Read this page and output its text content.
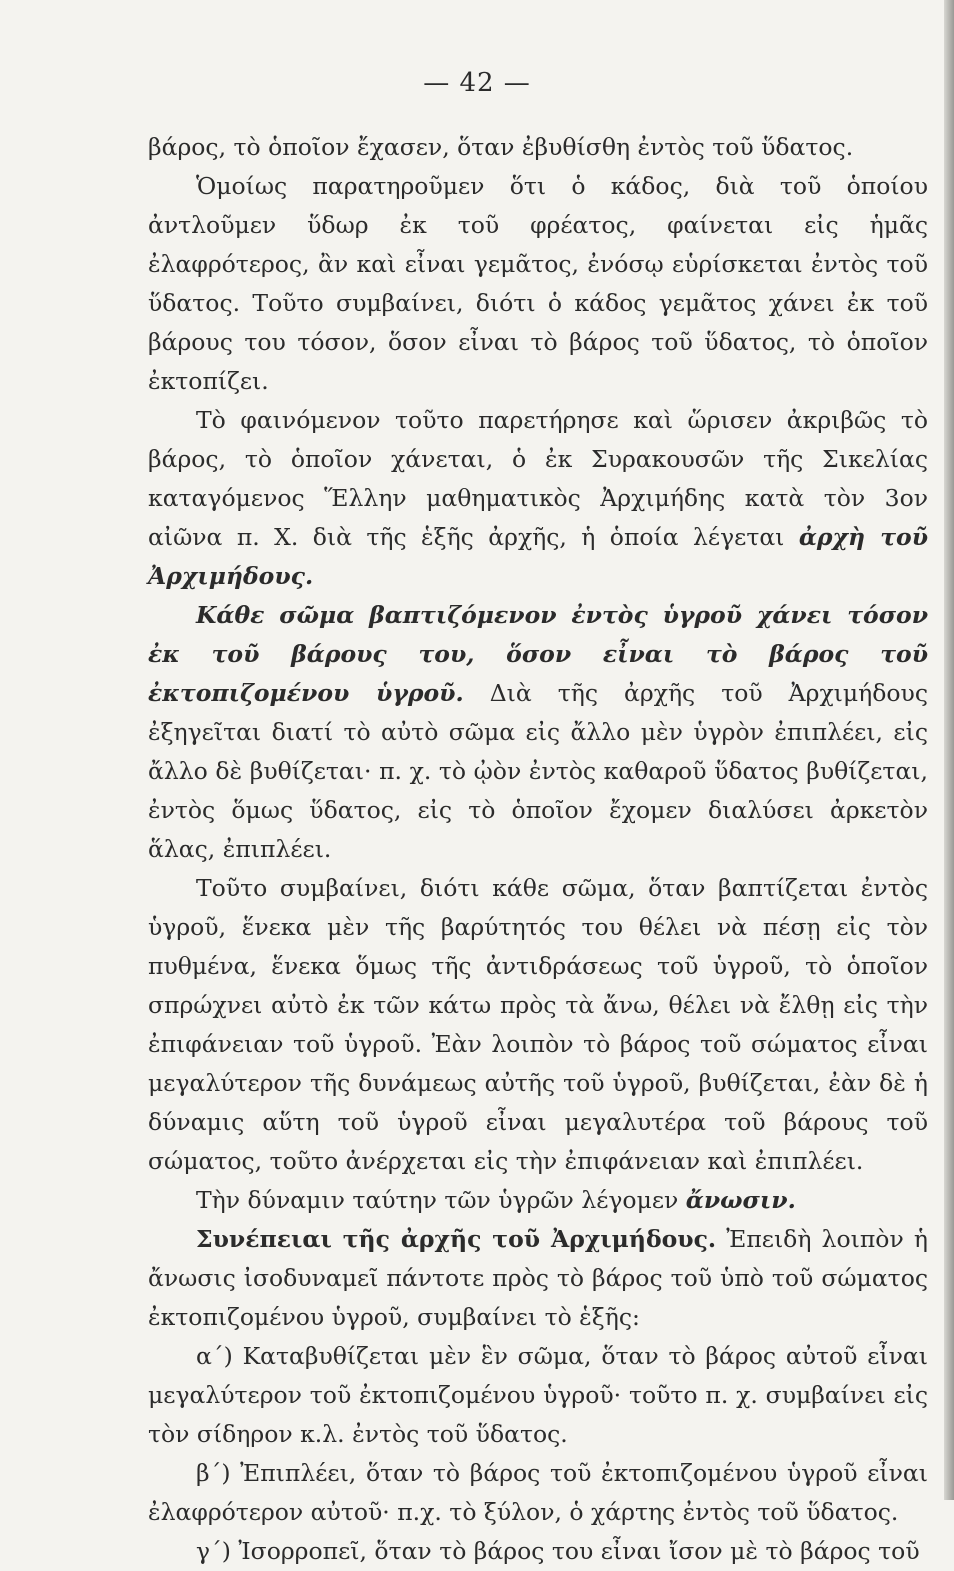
— 42 —

βάρος, τὸ ὁποῖον ἔχασεν, ὅταν ἐβυθίσθη ἐντὸς τοῦ ὕδατος.

Ὁμοίως παρατηροῦμεν ὅτι ὁ κάδος, διὰ τοῦ ὁποίου ἀντλοῦμεν ὕδωρ ἐκ τοῦ φρέατος, φαίνεται εἰς ἡμᾶς ἐλαφρότερος, ἂν καὶ εἶναι γεμᾶτος, ἐνόσῳ εὑρίσκεται ἐντὸς τοῦ ὕδατος. Τοῦτο συμβαίνει, διότι ὁ κάδος γεμᾶτος χάνει ἐκ τοῦ βάρους του τόσον, ὅσον εἶναι τὸ βάρος τοῦ ὕδατος, τὸ ὁποῖον ἐκτοπίζει.

Τὸ φαινόμενον τοῦτο παρετήρησε καὶ ὥρισεν ἀκριβῶς τὸ βάρος, τὸ ὁποῖον χάνεται, ὁ ἐκ Συρακουσῶν τῆς Σικελίας καταγόμενος Ἕλλην μαθηματικὸς Ἀρχιμήδης κατὰ τὸν 3ον αἰῶνα π. Χ. διὰ τῆς ἑξῆς ἀρχῆς, ἡ ὁποία λέγεται ἀρχὴ τοῦ Ἀρχιμήδους.

Κάθε σῶμα βαπτιζόμενον ἐντὸς ὑγροῦ χάνει τόσον ἐκ τοῦ βάρους του, ὅσον εἶναι τὸ βάρος τοῦ ἐκτοπιζομένου ὑγροῦ. Διὰ τῆς ἀρχῆς τοῦ Ἀρχιμήδους ἐξηγεῖται διατί τὸ αὐτὸ σῶμα εἰς ἄλλο μὲν ὑγρὸν ἐπιπλέει, εἰς ἄλλο δὲ βυθίζεται· π. χ. τὸ ᾠὸν ἐντὸς καθαροῦ ὕδατος βυθίζεται, ἐντὸς ὅμως ὕδατος, εἰς τὸ ὁποῖον ἔχομεν διαλύσει ἀρκετὸν ἅλας, ἐπιπλέει.

Τοῦτο συμβαίνει, διότι κάθε σῶμα, ὅταν βαπτίζεται ἐντὸς ὑγροῦ, ἕνεκα μὲν τῆς βαρύτητός του θέλει νὰ πέσῃ εἰς τὸν πυθμένα, ἕνεκα ὅμως τῆς ἀντιδράσεως τοῦ ὑγροῦ, τὸ ὁποῖον σπρώχνει αὐτὸ ἐκ τῶν κάτω πρὸς τὰ ἄνω, θέλει νὰ ἔλθῃ εἰς τὴν ἐπιφάνειαν τοῦ ὑγροῦ. Ἐὰν λοιπὸν τὸ βάρος τοῦ σώματος εἶναι μεγαλύτερον τῆς δυνάμεως αὐτῆς τοῦ ὑγροῦ, βυθίζεται, ἐὰν δὲ ἡ δύναμις αὕτη τοῦ ὑγροῦ εἶναι μεγαλυτέρα τοῦ βάρους τοῦ σώματος, τοῦτο ἀνέρχεται εἰς τὴν ἐπιφάνειαν καὶ ἐπιπλέει.

Τὴν δύναμιν ταύτην τῶν ὑγρῶν λέγομεν ἄνωσιν.

Συνέπειαι τῆς ἀρχῆς τοῦ Ἀρχιμήδους. Ἐπειδὴ λοιπὸν ἡ ἄνωσις ἰσοδυναμεῖ πάντοτε πρὸς τὸ βάρος τοῦ ὑπὸ τοῦ σώματος ἐκτοπιζομένου ὑγροῦ, συμβαίνει τὸ ἑξῆς:

α΄) Καταβυθίζεται μὲν ἓν σῶμα, ὅταν τὸ βάρος αὐτοῦ εἶναι μεγαλύτερον τοῦ ἐκτοπιζομένου ὑγροῦ· τοῦτο π. χ. συμβαίνει εἰς τὸν σίδηρον κ.λ. ἐντὸς τοῦ ὕδατος.

β΄) Ἐπιπλέει, ὅταν τὸ βάρος τοῦ ἐκτοπιζομένου ὑγροῦ εἶναι ἐλαφρότερον αὐτοῦ· π.χ. τὸ ξύλον, ὁ χάρτης ἐντὸς τοῦ ὕδατος.

γ΄) Ἰσορροπεῖ, ὅταν τὸ βάρος του εἶναι ἴσον μὲ τὸ βάρος τοῦ
